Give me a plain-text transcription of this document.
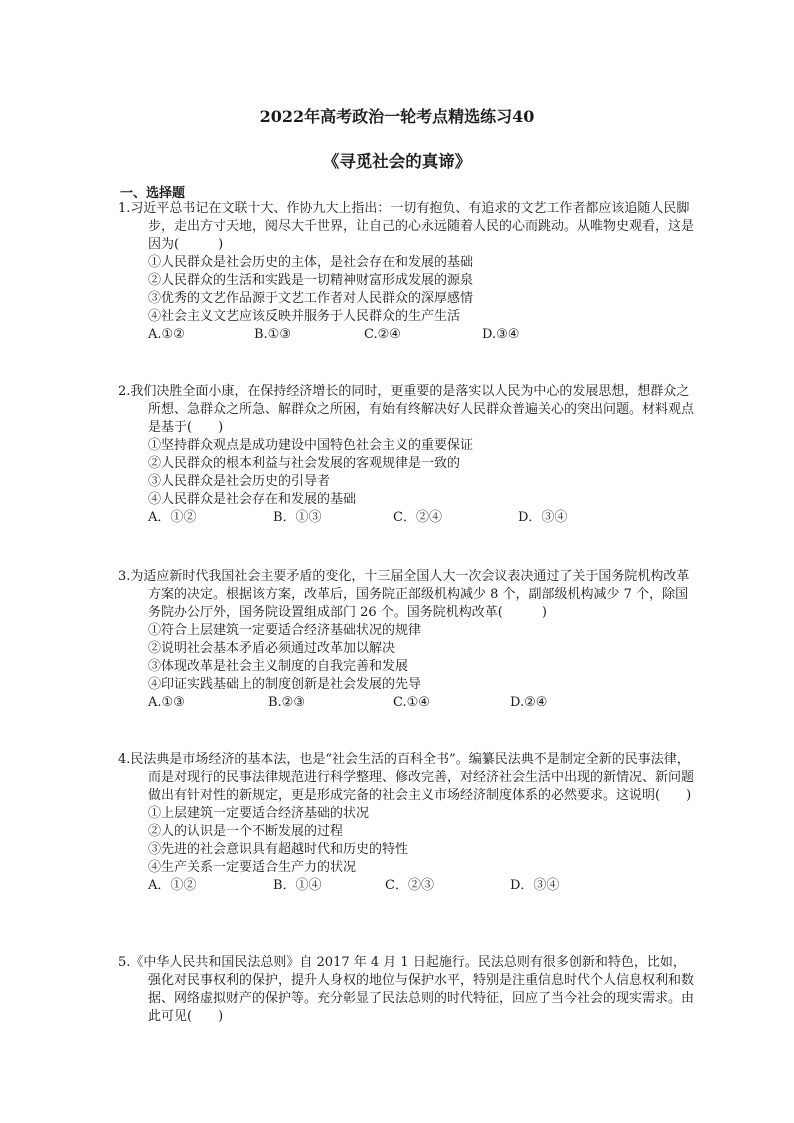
2022年高考政治一轮考点精选练习40
《寻觅社会的真谛》
一、选择题

1.习近平总书记在文联十大、作协九大上指出：一切有抱负、有追求的文艺工作者都应该追随人民脚步，走出方寸天地，阅尽大千世界，让自己的心永远随着人民的心而跳动。从唯物史观看，这是因为(　　　)

①人民群众是社会历史的主体，是社会存在和发展的基础

②人民群众的生活和实践是一切精神财富形成发展的源泉

③优秀的文艺作品源于文艺工作者对人民群众的深厚感情

④社会主义文艺应该反映并服务于人民群众的生产生活

A.①②	B.①③	C.②④	D.③④

2.我们决胜全面小康，在保持经济增长的同时，更重要的是落实以人民为中心的发展思想，想群众之所想、急群众之所急、解群众之所困，有始有终解决好人民群众普遍关心的突出问题。材料观点是基于(　　)

①坚持群众观点是成功建设中国特色社会主义的重要保证

②人民群众的根本利益与社会发展的客观规律是一致的

③人民群众是社会历史的引导者

④人民群众是社会存在和发展的基础

A．①②	B．①③	C．②④	D．③④

3.为适应新时代我国社会主要矛盾的变化，十三届全国人大一次会议表决通过了关于国务院机构改革方案的决定。根据该方案，改革后，国务院正部级机构减少 8 个，副部级机构减少 7 个，除国务院办公厅外，国务院设置组成部门 26 个。国务院机构改革(　　　)

①符合上层建筑一定要适合经济基础状况的规律

②说明社会基本矛盾必须通过改革加以解决

③体现改革是社会主义制度的自我完善和发展

④印证实践基础上的制度创新是社会发展的先导

A.①③	B.②③	C.①④	D.②④

4.民法典是市场经济的基本法，也是“社会生活的百科全书”。编纂民法典不是制定全新的民事法律，而是对现行的民事法律规范进行科学整理、修改完善，对经济社会生活中出现的新情况、新问题做出有针对性的新规定，更是形成完备的社会主义市场经济制度体系的必然要求。这说明(　　)

①上层建筑一定要适合经济基础的状况

②人的认识是一个不断发展的过程

③先进的社会意识具有超越时代和历史的特性

④生产关系一定要适合生产力的状况

A．①②	B．①④	C．②③	D．③④

5.《中华人民共和国民法总则》自 2017 年 4 月 1 日起施行。民法总则有很多创新和特色，比如，强化对民事权利的保护，提升人身权的地位与保护水平，特别是注重信息时代个人信息权利和数据、网络虚拟财产的保护等。充分彰显了民法总则的时代特征，回应了当今社会的现实需求。由此可见(　　)
